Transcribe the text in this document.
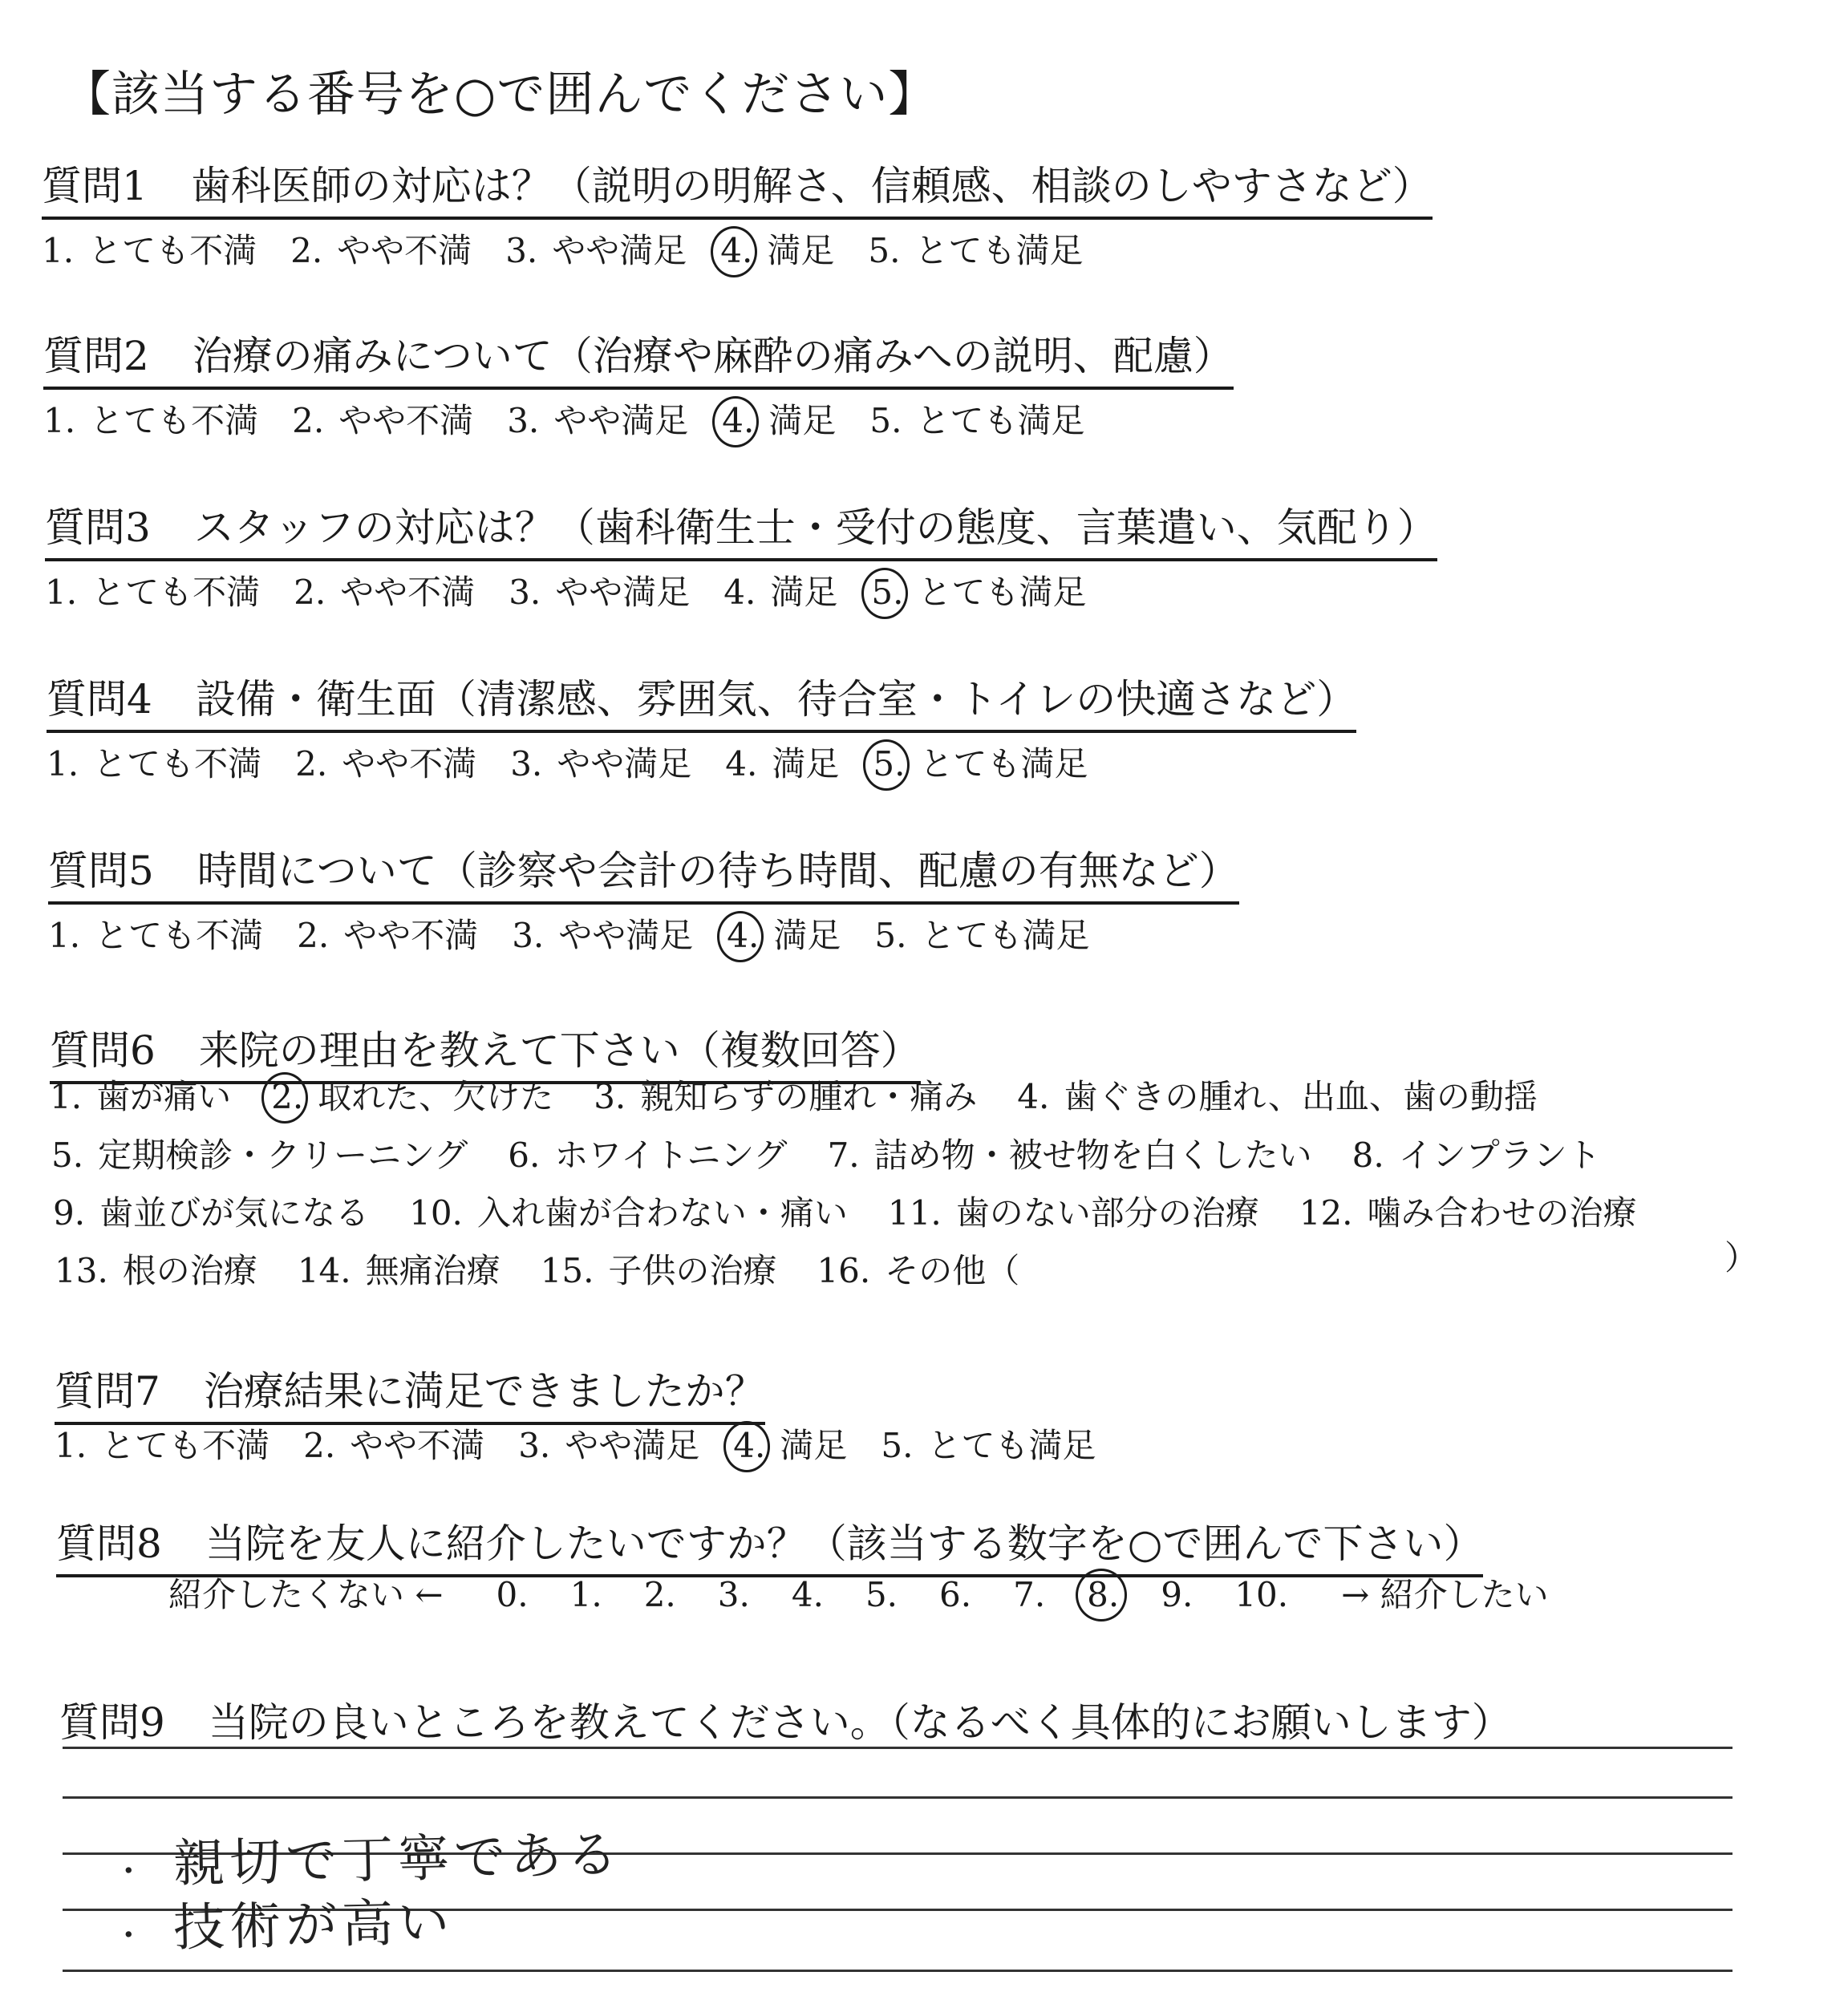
【該当する番号を○で囲んでください】
質問1 歯科医師の対応は？（説明の明解さ、信頼感、相談のしやすさなど）
1. とても不満 2. やや不満 3. やや満足 4. 満足 5. とても満足
質問2 治療の痛みについて（治療や麻酔の痛みへの説明、配慮）
1. とても不満 2. やや不満 3. やや満足 4. 満足 5. とても満足
質問3 スタッフの対応は？（歯科衛生士・受付の態度、言葉遣い、気配り）
1. とても不満 2. やや不満 3. やや満足 4. 満足 5. とても満足
質問4 設備・衛生面（清潔感、雰囲気、待合室・トイレの快適さなど）
1. とても不満 2. やや不満 3. やや満足 4. 満足 5. とても満足
質問5 時間について（診察や会計の待ち時間、配慮の有無など）
1. とても不満 2. やや不満 3. やや満足 4. 満足 5. とても満足
質問6 来院の理由を教えて下さい（複数回答）
1. 歯が痛い 2. 取れた、欠けた 3. 親知らずの腫れ・痛み 4. 歯ぐきの腫れ、出血、歯の動揺
5. 定期検診・クリーニング 6. ホワイトニング 7. 詰め物・被せ物を白くしたい 8. インプラント
9. 歯並びが気になる 10. 入れ歯が合わない・痛い 11. 歯のない部分の治療 12. 噛み合わせの治療
13. 根の治療 14. 無痛治療 15. 子供の治療 16. その他（	）
質問7 治療結果に満足できましたか？
1. とても不満 2. やや不満 3. やや満足 4. 満足 5. とても満足
質問8 当院を友人に紹介したいですか？（該当する数字を○で囲んで下さい）
紹介したくない ← 0. 1. 2. 3. 4. 5. 6. 7. 8. 9. 10. → 紹介したい
質問9 当院の良いところを教えてください。（なるべく具体的にお願いします）
・ 親切で丁寧である
・ 技術が高い
